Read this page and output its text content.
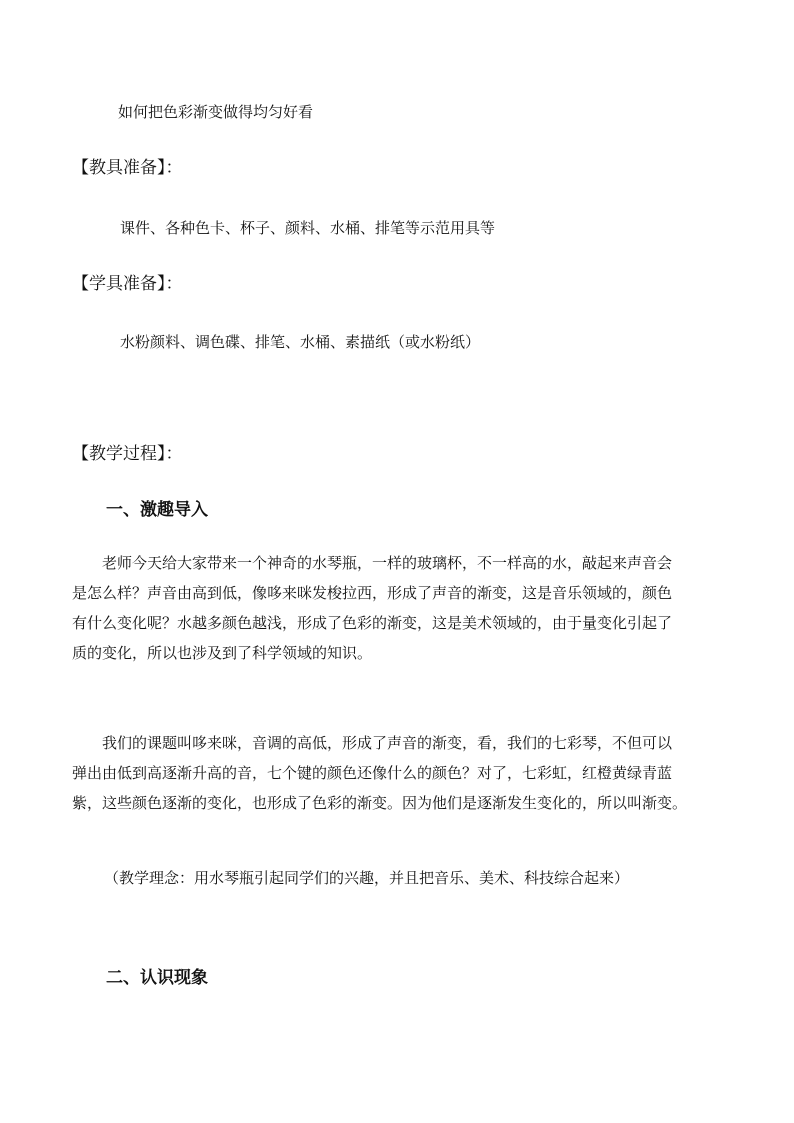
如何把色彩渐变做得均匀好看
【教具准备】：
课件、各种色卡、杯子、颜料、水桶、排笔等示范用具等
【学具准备】：
水粉颜料、调色碟、排笔、水桶、素描纸（或水粉纸）
【教学过程】：
一、激趣导入
老师今天给大家带来一个神奇的水琴瓶，一样的玻璃杯，不一样高的水，敲起来声音会
是怎么样？声音由高到低，像哆来咪发梭拉西，形成了声音的渐变，这是音乐领域的，颜色
有什么变化呢？水越多颜色越浅，形成了色彩的渐变，这是美术领域的，由于量变化引起了
质的变化，所以也涉及到了科学领域的知识。
我们的课题叫哆来咪，音调的高低，形成了声音的渐变，看，我们的七彩琴，不但可以
弹出由低到高逐渐升高的音，七个键的颜色还像什么的颜色？对了，七彩虹，红橙黄绿青蓝
紫，这些颜色逐渐的变化，也形成了色彩的渐变。因为他们是逐渐发生变化的，所以叫渐变。
（教学理念：用水琴瓶引起同学们的兴趣，并且把音乐、美术、科技综合起来）
二、认识现象
